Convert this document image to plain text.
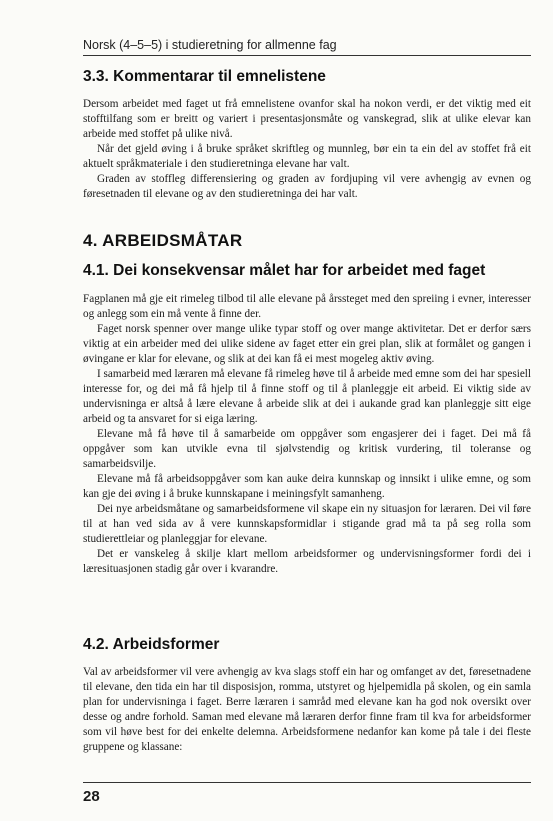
Norsk (4–5–5) i studieretning for allmenne fag
3.3. Kommentarar til emnelistene

Dersom arbeidet med faget ut frå emnelistene ovanfor skal ha nokon verdi, er det viktig med eit stofftilfang som er breitt og variert i presentasjonsmåte og vanskegrad, slik at ulike elevar kan arbeide med stoffet på ulike nivå.

Når det gjeld øving i å bruke språket skriftleg og munnleg, bør ein ta ein del av stoffet frå eit aktuelt språkmateriale i den studieretninga elevane har valt.

Graden av stoffleg differensiering og graden av fordjuping vil vere avhengig av evnen og føresetnaden til elevane og av den studieretninga dei har valt.

4. ARBEIDSMÅTAR
4.1. Dei konsekvensar målet har for arbeidet med faget

Fagplanen må gje eit rimeleg tilbod til alle elevane på årssteget med den spreiing i evner, interesser og anlegg som ein må vente å finne der.

Faget norsk spenner over mange ulike typar stoff og over mange aktivitetar. Det er derfor særs viktig at ein arbeider med dei ulike sidene av faget etter ein grei plan, slik at formålet og gangen i øvingane er klar for elevane, og slik at dei kan få ei mest mogeleg aktiv øving.

I samarbeid med læraren må elevane få rimeleg høve til å arbeide med emne som dei har spesiell interesse for, og dei må få hjelp til å finne stoff og til å planleggje eit arbeid. Ei viktig side av undervisninga er altså å lære elevane å arbeide slik at dei i aukande grad kan planleggje sitt eige arbeid og ta ansvaret for si eiga læring.

Elevane må få høve til å samarbeide om oppgåver som engasjerer dei i faget. Dei må få oppgåver som kan utvikle evna til sjølvstendig og kritisk vurdering, til toleranse og samarbeidsvilje.

Elevane må få arbeidsoppgåver som kan auke deira kunnskap og innsikt i ulike emne, og som kan gje dei øving i å bruke kunnskapane i meiningsfylt samanheng.

Dei nye arbeidsmåtane og samarbeidsformene vil skape ein ny situasjon for læraren. Dei vil føre til at han ved sida av å vere kunnskapsformidlar i stigande grad må ta på seg rolla som studierettleiar og planleggjar for elevane.

Det er vanskeleg å skilje klart mellom arbeidsformer og undervisningsformer fordi dei i læresituasjonen stadig går over i kvarandre.

4.2. Arbeidsformer

Val av arbeidsformer vil vere avhengig av kva slags stoff ein har og omfanget av det, føresetnadene til elevane, den tida ein har til disposisjon, romma, utstyret og hjelpemidla på skolen, og ein samla plan for undervisninga i faget. Berre læraren i samråd med elevane kan ha god nok oversikt over desse og andre forhold. Saman med elevane må læraren derfor finne fram til kva for arbeidsformer som vil høve best for dei enkelte delemna. Arbeidsformene nedanfor kan kome på tale i dei fleste gruppene og klassane:

28
